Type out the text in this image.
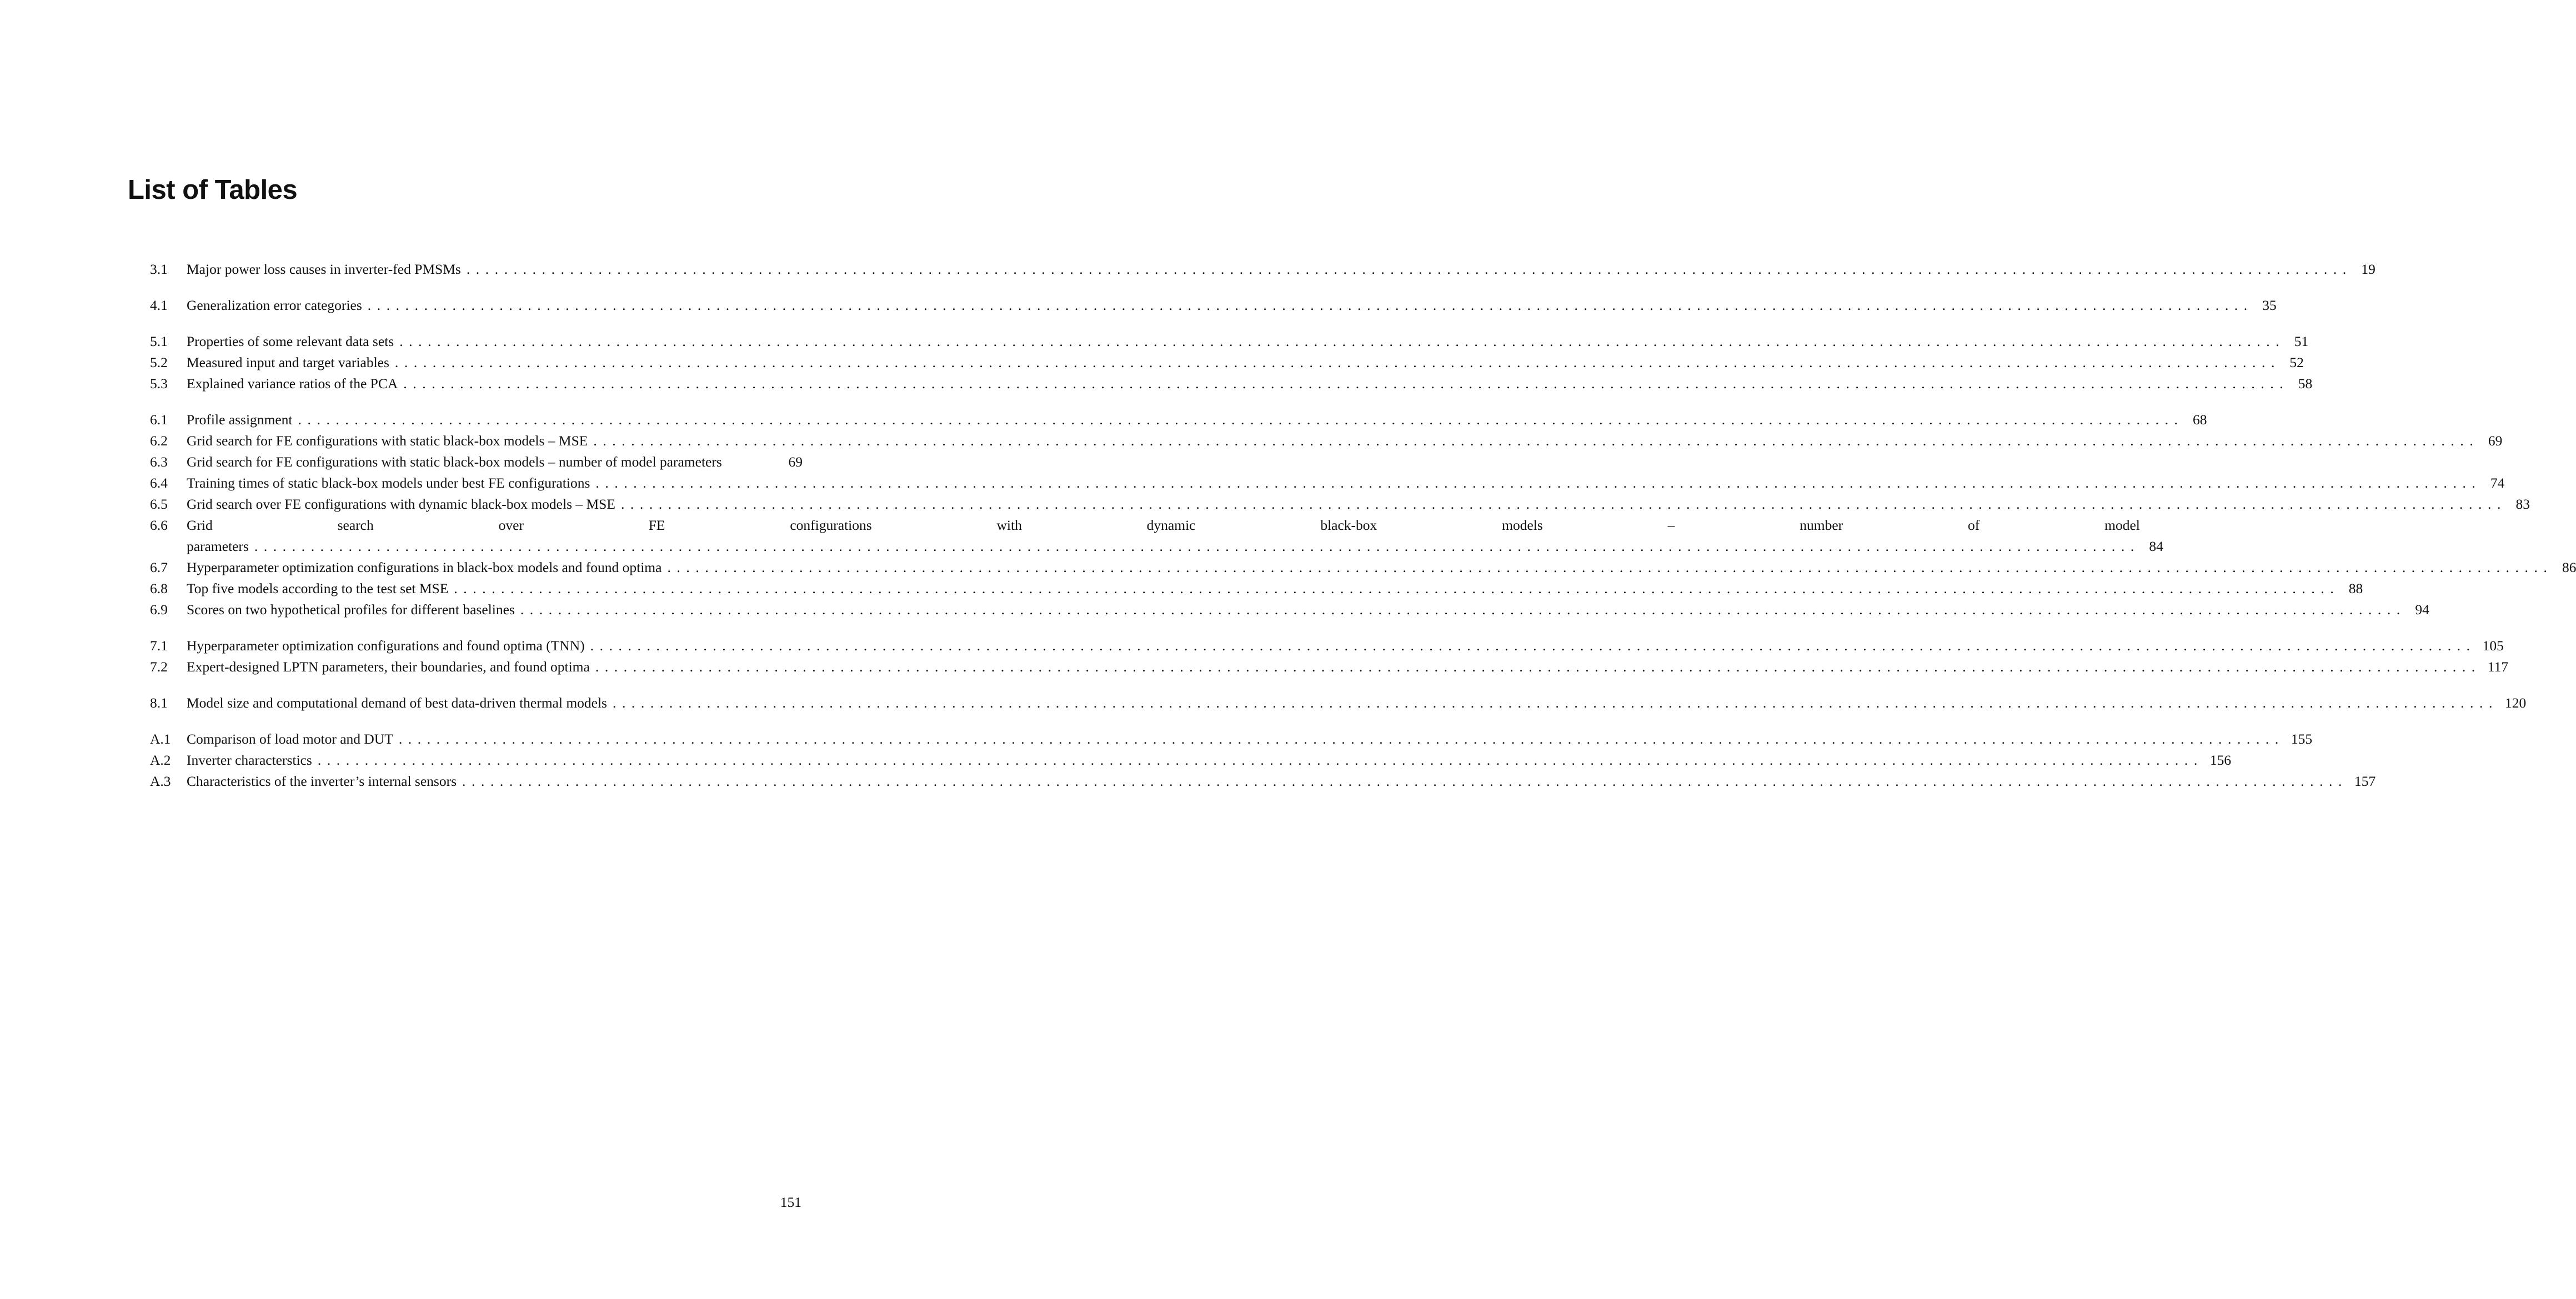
List of Tables
3.1	Major power loss causes in inverter-fed PMSMs ........................................................................................................................................................................................................ 19
4.1	Generalization error categories ........................................................................................................................................................................................................ 35
5.1	Properties of some relevant data sets ........................................................................................................................................................................................................ 51
5.2	Measured input and target variables ........................................................................................................................................................................................................ 52
5.3	Explained variance ratios of the PCA ........................................................................................................................................................................................................ 58
6.1	Profile assignment ........................................................................................................................................................................................................ 68
6.2	Grid search for FE configurations with static black-box models – MSE ........................................................................................................................................................................................................ 69
6.3	Grid search for FE configurations with static black-box models – number of model parameters	69
6.4	Training times of static black-box models under best FE configurations ........................................................................................................................................................................................................ 74
6.5	Grid search over FE configurations with dynamic black-box models – MSE ........................................................................................................................................................................................................ 83
6.6	Grid search over FE configurations with dynamic black-box models – number of model
parameters ........................................................................................................................................................................................................ 84
6.7	Hyperparameter optimization configurations in black-box models and found optima ........................................................................................................................................................................................................ 86
6.8	Top five models according to the test set MSE ........................................................................................................................................................................................................ 88
6.9	Scores on two hypothetical profiles for different baselines ........................................................................................................................................................................................................ 94
7.1	Hyperparameter optimization configurations and found optima (TNN) ........................................................................................................................................................................................................ 105
7.2	Expert-designed LPTN parameters, their boundaries, and found optima ........................................................................................................................................................................................................ 117
8.1	Model size and computational demand of best data-driven thermal models ........................................................................................................................................................................................................ 120
A.1	Comparison of load motor and DUT ........................................................................................................................................................................................................ 155
A.2	Inverter characterstics ........................................................................................................................................................................................................ 156
A.3	Characteristics of the inverter’s internal sensors ........................................................................................................................................................................................................ 157
151
